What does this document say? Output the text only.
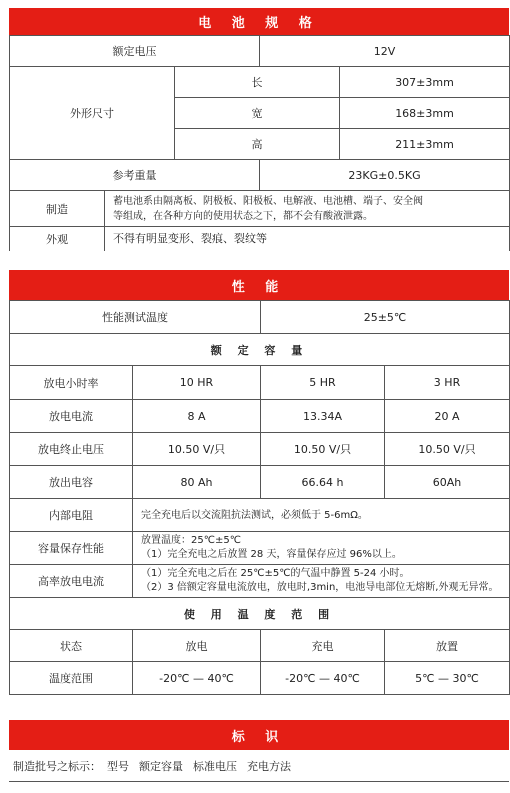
电 池 规 格
额定电压			12V	
外形尺寸		长		307±3mm
		宽		168±3mm
		高		211±3mm
参考重量			23KG±0.5KG	
制造	蓄电池系由隔离板、阴极板、阳极板、电解液、电池槽、端子、安全阀
等组成，在各种方向的使用状态之下，都不会有酸液泄露。			

外观	不得有明显变形、裂痕、裂纹等			
性 能
性能测试温度		25±5℃	
额 定 容 量			
放电小时率	10 HR	5 HR	3 HR
放电电流	8 A	13.34A	20 A
放电终止电压	10.50 V/只	10.50 V/只	10.50 V/只
放出电容	80 Ah	66.64 h	60Ah
内部电阻	完全充电后以交流阻抗法测试，必须低于 5-6mΩ。		
容量保存性能	放置温度：25℃±5℃
（1）完全充电之后放置 28 天，容量保存应过 96%以上。		

高率放电电流	（1）完全充电之后在 25℃±5℃的气温中静置 5-24 小时。
（2）3 倍额定容量电流放电，放电时,3min，电池导电部位无熔断,外观无异常。		

使 用 温 度 范 围			
状态	放电	充电	放置
温度范围	-20℃ — 40℃	-20℃ — 40℃	5℃ — 30℃
标 识
制造批号之标示： 型号 额定容量 标准电压 充电方法
